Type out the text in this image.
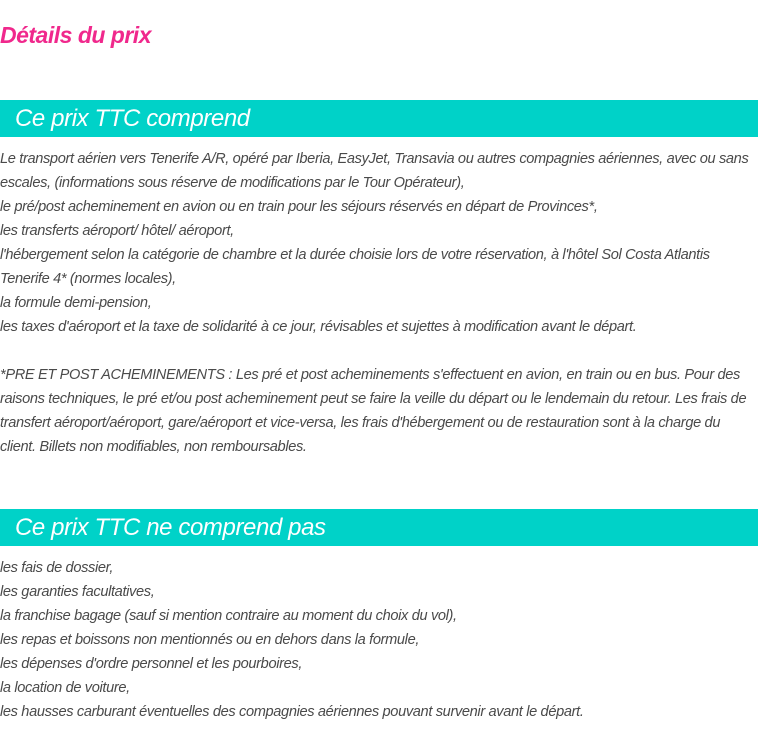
Détails du prix
Ce prix TTC comprend
Le transport aérien vers Tenerife A/R, opéré par Iberia, EasyJet, Transavia ou autres compagnies aériennes, avec ou sans escales, (informations sous réserve de modifications par le Tour Opérateur),
le pré/post acheminement en avion ou en train pour les séjours réservés en départ de Provinces*,
les transferts aéroport/ hôtel/ aéroport,
l'hébergement selon la catégorie de chambre et la durée choisie lors de votre réservation, à l'hôtel Sol Costa Atlantis Tenerife 4* (normes locales),
la formule demi-pension,
les taxes d'aéroport et la taxe de solidarité à ce jour, révisables et sujettes à modification avant le départ.

*PRE ET POST ACHEMINEMENTS : Les pré et post acheminements s'effectuent en avion, en train ou en bus. Pour des raisons techniques, le pré et/ou post acheminement peut se faire la veille du départ ou le lendemain du retour. Les frais de transfert aéroport/aéroport, gare/aéroport et vice-versa, les frais d'hébergement ou de restauration sont à la charge du client. Billets non modifiables, non remboursables.

Ce prix TTC ne comprend pas
les fais de dossier,
les garanties facultatives,
la franchise bagage (sauf si mention contraire au moment du choix du vol),
les repas et boissons non mentionnés ou en dehors dans la formule,
les dépenses d'ordre personnel et les pourboires,
la location de voiture,
les hausses carburant éventuelles des compagnies aériennes pouvant survenir avant le départ.
